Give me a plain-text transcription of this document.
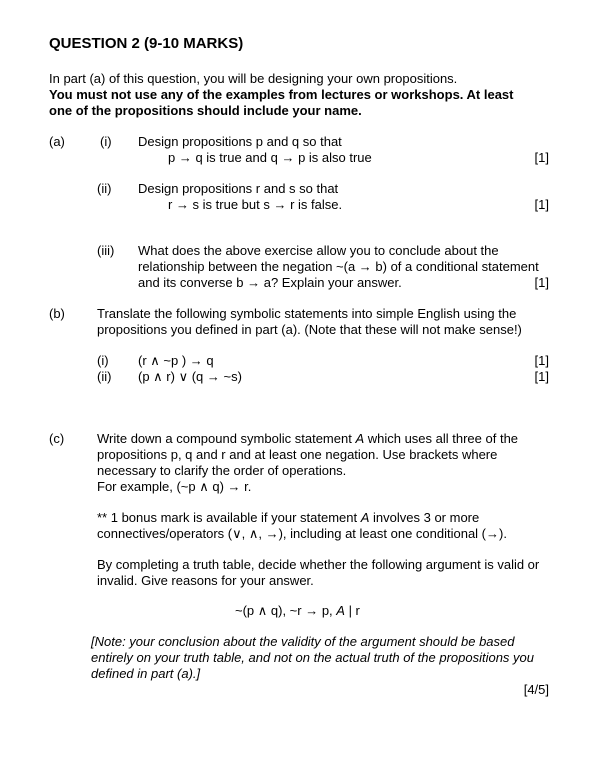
QUESTION 2 (9-10 MARKS)
In part (a) of this question, you will be designing your own propositions.
You must not use any of the examples from lectures or workshops. At least
one of the propositions should include your name.
(a)	(i) Design propositions p and q so that
p → q is true and q → p is also true	[1]
(ii) Design propositions r and s so that
r → s is true but s → r is false.	[1]
(iii) What does the above exercise allow you to conclude about the
relationship between the negation ~(a → b) of a conditional statement
and its converse b → a? Explain your answer.	[1]
(b) Translate the following symbolic statements into simple English using the
propositions you defined in part (a). (Note that these will not make sense!)
(i) (r ∧ ~p ) → q	[1]
(ii) (p ∧ r) ∨ (q → ~s)	[1]
(c)	Write down a compound symbolic statement A which uses all three of the
propositions p, q and r and at least one negation. Use brackets where
necessary to clarify the order of operations.
For example, (~p ∧ q) → r.
** 1 bonus mark is available if your statement A involves 3 or more
connectives/operators (∨, ∧, →), including at least one conditional (→).
By completing a truth table, decide whether the following argument is valid or
invalid. Give reasons for your answer.
~(p ∧ q), ~r → p, A | r
[Note: your conclusion about the validity of the argument should be based
entirely on your truth table, and not on the actual truth of the propositions you
defined in part (a).]
[4/5]
